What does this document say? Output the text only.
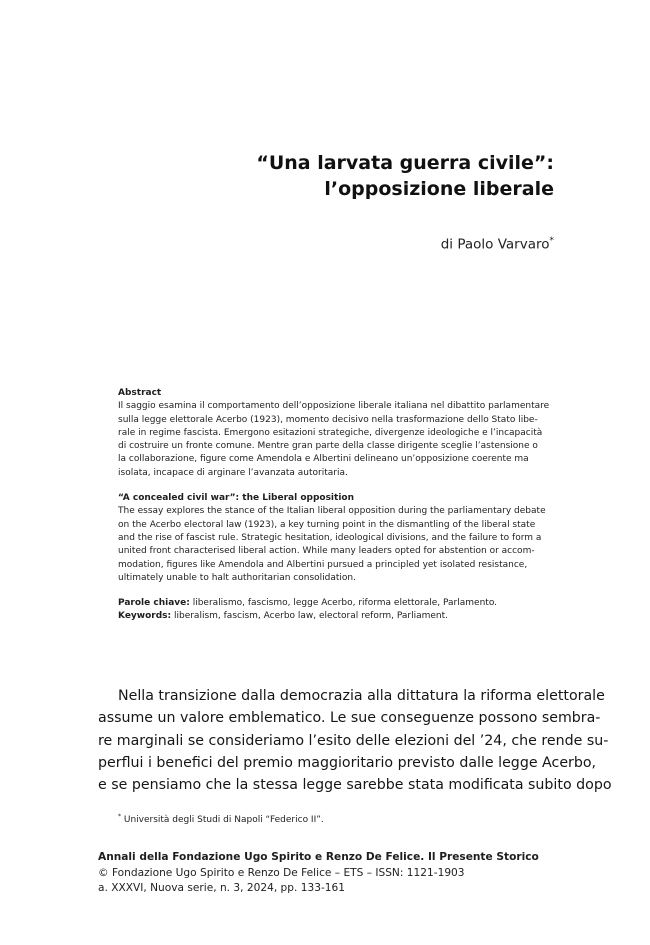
“Una larvata guerra civile”:
l’opposizione liberale
di Paolo Varvaro*

Abstract

Il saggio esamina il comportamento dell’opposizione liberale italiana nel dibattito parlamentare

sulla legge elettorale Acerbo (1923), momento decisivo nella trasformazione dello Stato libe-

rale in regime fascista. Emergono esitazioni strategiche, divergenze ideologiche e l’incapacità

di costruire un fronte comune. Mentre gran parte della classe dirigente sceglie l’astensione o

la collaborazione, figure come Amendola e Albertini delineano un’opposizione coerente ma

isolata, incapace di arginare l’avanzata autoritaria.

“A concealed civil war”: the Liberal opposition

The essay explores the stance of the Italian liberal opposition during the parliamentary debate

on the Acerbo electoral law (1923), a key turning point in the dismantling of the liberal state

and the rise of fascist rule. Strategic hesitation, ideological divisions, and the failure to form a

united front characterised liberal action. While many leaders opted for abstention or accom-

modation, figures like Amendola and Albertini pursued a principled yet isolated resistance,

ultimately unable to halt authoritarian consolidation.

Parole chiave: liberalismo, fascismo, legge Acerbo, riforma elettorale, Parlamento.

Keywords: liberalism, fascism, Acerbo law, electoral reform, Parliament.

Nella transizione dalla democrazia alla dittatura la riforma elettorale
assume un valore emblematico. Le sue conseguenze possono sembra-
re marginali se consideriamo l’esito delle elezioni del ’24, che rende su-
perflui i benefici del premio maggioritario previsto dalle legge Acerbo,
e se pensiamo che la stessa legge sarebbe stata modificata subito dopo
* Università degli Studi di Napoli “Federico II”.
Annali della Fondazione Ugo Spirito e Renzo De Felice. Il Presente Storico
© Fondazione Ugo Spirito e Renzo De Felice – ETS – ISSN: 1121-1903
a. XXXVI, Nuova serie, n. 3, 2024, pp. 133-161
